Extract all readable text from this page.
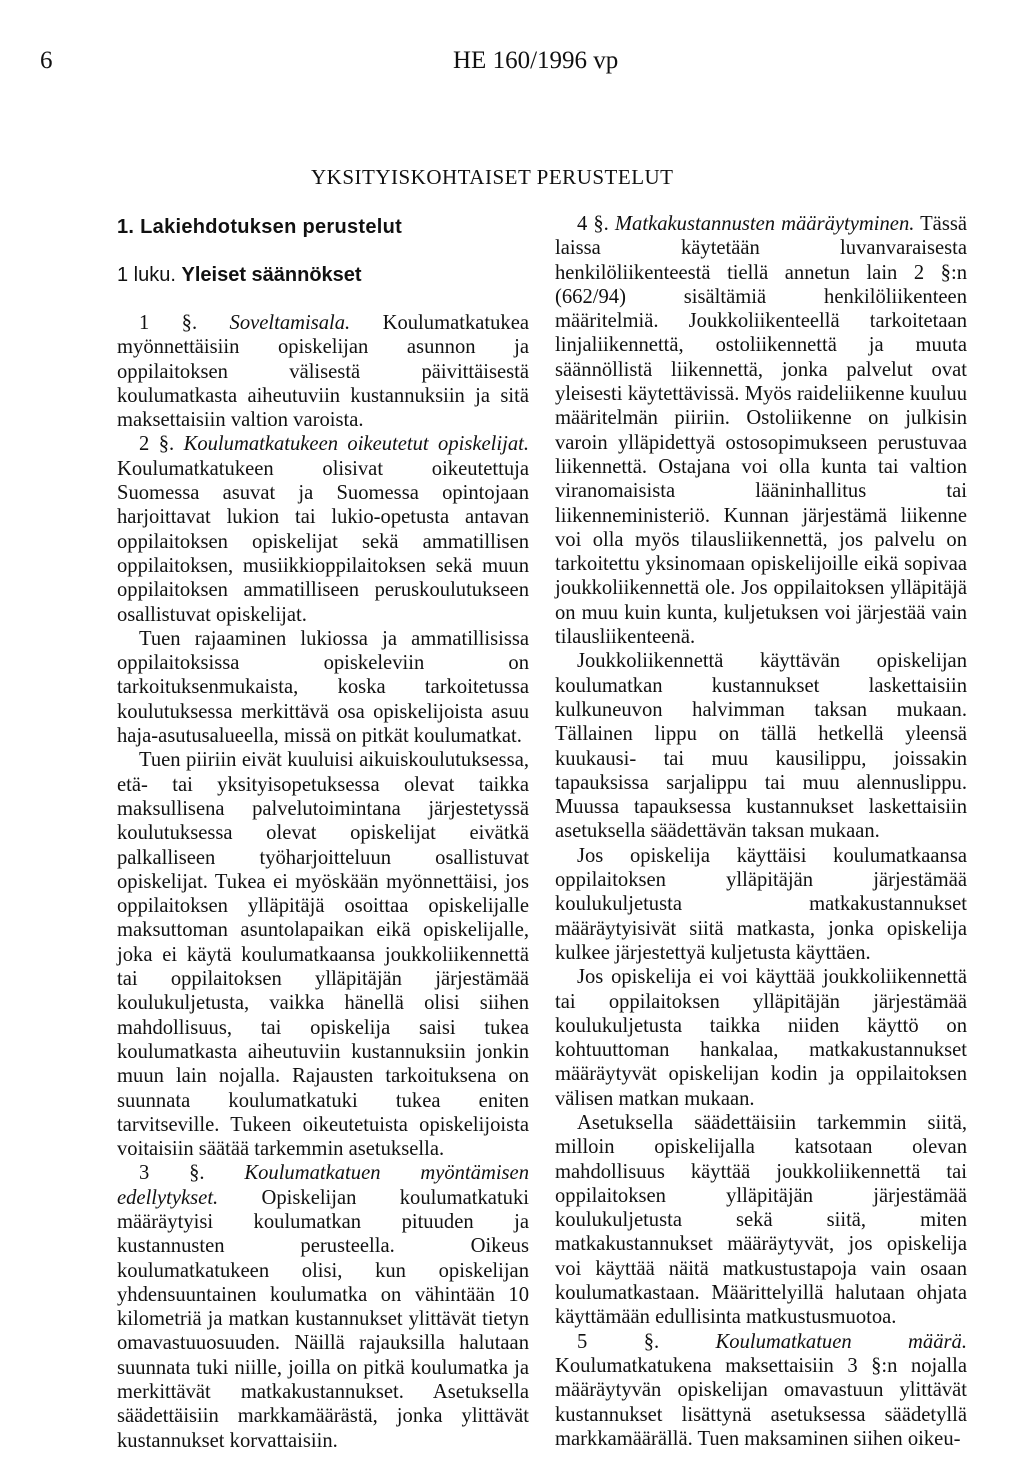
6	HE 160/1996 vp
YKSITYISKOHTAISET PERUSTELUT
1. Lakiehdotuksen perustelut
1 luku. Yleiset säännökset

1 §. Soveltamisala. Koulumatkatukea myönnettäisiin opiskelijan asunnon ja oppilaitoksen välisestä päivittäisestä koulumatkasta aiheutuviin kustannuksiin ja sitä maksettaisiin valtion varoista.

2 §. Koulumatkatukeen oikeutetut opiskelijat. Koulumatkatukeen olisivat oikeutettuja Suomessa asuvat ja Suomessa opintojaan harjoittavat lukion tai lukio-opetusta antavan oppilaitoksen opiskelijat sekä ammatillisen oppilaitoksen, musiikkioppilaitoksen sekä muun oppilaitoksen ammatilliseen peruskoulutukseen osallistuvat opiskelijat.

Tuen rajaaminen lukiossa ja ammatillisissa oppilaitoksissa opiskeleviin on tarkoituksenmukaista, koska tarkoitetussa koulutuksessa merkittävä osa opiskelijoista asuu haja-asutusalueella, missä on pitkät koulumatkat.

Tuen piiriin eivät kuuluisi aikuiskoulutuksessa, etä- tai yksityisopetuksessa olevat taikka maksullisena palvelutoimintana järjestetyssä koulutuksessa olevat opiskelijat eivätkä palkalliseen työharjoitteluun osallistuvat opiskelijat. Tukea ei myöskään myönnettäisi, jos oppilaitoksen ylläpitäjä osoittaa opiskelijalle maksuttoman asuntolapaikan eikä opiskelijalle, joka ei käytä koulumatkaansa joukkoliikennettä tai oppilaitoksen ylläpitäjän järjestämää koulukuljetusta, vaikka hänellä olisi siihen mahdollisuus, tai opiskelija saisi tukea koulumatkasta aiheutuviin kustannuksiin jonkin muun lain nojalla. Rajausten tarkoituksena on suunnata koulumatkatuki tukea eniten tarvitseville. Tukeen oikeutetuista opiskelijoista voitaisiin säätää tarkemmin asetuksella.

3 §. Koulumatkatuen myöntämisen edellytykset. Opiskelijan koulumatkatuki määräytyisi koulumatkan pituuden ja kustannusten perusteella. Oikeus koulumatkatukeen olisi, kun opiskelijan yhdensuuntainen koulumatka on vähintään 10 kilometriä ja matkan kustannukset ylittävät tietyn omavastuuosuuden. Näillä rajauksilla halutaan suunnata tuki niille, joilla on pitkä koulumatka ja merkittävät matkakustannukset. Asetuksella säädettäisiin markkamäärästä, jonka ylittävät kustannukset korvattaisiin.

4 §. Matkakustannusten määräytyminen. Tässä laissa käytetään luvanvaraisesta henkilöliikenteestä tiellä annetun lain 2 §:n (662/94) sisältämiä henkilöliikenteen määritelmiä. Joukkoliikenteellä tarkoitetaan linjaliikennettä, ostoliikennettä ja muuta säännöllistä liikennettä, jonka palvelut ovat yleisesti käytettävissä. Myös raideliikenne kuuluu määritelmän piiriin. Ostoliikenne on julkisin varoin ylläpidettyä ostosopimukseen perustuvaa liikennettä. Ostajana voi olla kunta tai valtion viranomaisista lääninhallitus tai liikenneministeriö. Kunnan järjestämä liikenne voi olla myös tilausliikennettä, jos palvelu on tarkoitettu yksinomaan opiskelijoille eikä sopivaa joukkoliikennettä ole. Jos oppilaitoksen ylläpitäjä on muu kuin kunta, kuljetuksen voi järjestää vain tilausliikenteenä.

Joukkoliikennettä käyttävän opiskelijan koulumatkan kustannukset laskettaisiin kulkuneuvon halvimman taksan mukaan. Tällainen lippu on tällä hetkellä yleensä kuukausi- tai muu kausilippu, joissakin tapauksissa sarjalippu tai muu alennuslippu. Muussa tapauksessa kustannukset laskettaisiin asetuksella säädettävän taksan mukaan.

Jos opiskelija käyttäisi koulumatkaansa oppilaitoksen ylläpitäjän järjestämää koulukuljetusta matkakustannukset määräytyisivät siitä matkasta, jonka opiskelija kulkee järjestettyä kuljetusta käyttäen.

Jos opiskelija ei voi käyttää joukkoliikennettä tai oppilaitoksen ylläpitäjän järjestämää koulukuljetusta taikka niiden käyttö on kohtuuttoman hankalaa, matkakustannukset määräytyvät opiskelijan kodin ja oppilaitoksen välisen matkan mukaan.

Asetuksella säädettäisiin tarkemmin siitä, milloin opiskelijalla katsotaan olevan mahdollisuus käyttää joukkoliikennettä tai oppilaitoksen ylläpitäjän järjestämää koulukuljetusta sekä siitä, miten matkakustannukset määräytyvät, jos opiskelija voi käyttää näitä matkustustapoja vain osaan koulumatkastaan. Määrittelyillä halutaan ohjata käyttämään edullisinta matkustusmuotoa.

5 §. Koulumatkatuen määrä. Koulumatkatukena maksettaisiin 3 §:n nojalla määräytyvän opiskelijan omavastuun ylittävät kustannukset lisättynä asetuksessa säädetyllä markkamäärällä. Tuen maksaminen siihen oikeu-
